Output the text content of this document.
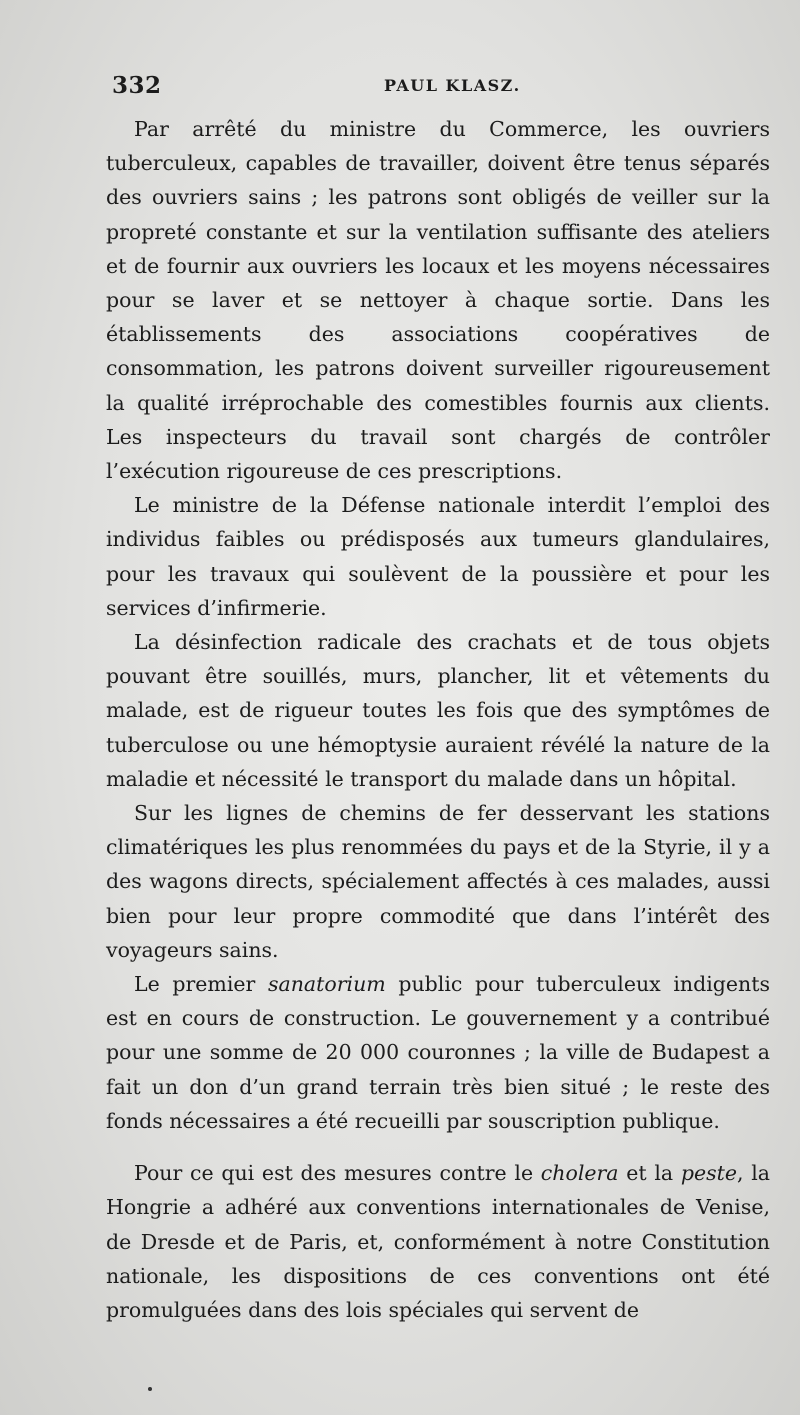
332	PAUL KLASZ.

Par arrêté du ministre du Commerce, les ouvriers tuberculeux, capables de travailler, doivent être tenus séparés des ouvriers sains ; les patrons sont obligés de veiller sur la propreté constante et sur la ventilation suffisante des ateliers et de fournir aux ouvriers les locaux et les moyens nécessaires pour se laver et se nettoyer à chaque sortie. Dans les établissements des associations coopératives de consommation, les patrons doivent surveiller rigoureusement la qualité irréprochable des comestibles fournis aux clients. Les inspecteurs du travail sont chargés de contrôler l’exécution rigoureuse de ces prescriptions.

Le ministre de la Défense nationale interdit l’emploi des individus faibles ou prédisposés aux tumeurs glandulaires, pour les travaux qui soulèvent de la poussière et pour les services d’infirmerie.

La désinfection radicale des crachats et de tous objets pouvant être souillés, murs, plancher, lit et vêtements du malade, est de rigueur toutes les fois que des symptômes de tuberculose ou une hémoptysie auraient révélé la nature de la maladie et nécessité le transport du malade dans un hôpital.

Sur les lignes de chemins de fer desservant les stations climatériques les plus renommées du pays et de la Styrie, il y a des wagons directs, spécialement affectés à ces malades, aussi bien pour leur propre commodité que dans l’intérêt des voyageurs sains.

Le premier sanatorium public pour tuberculeux indigents est en cours de construction. Le gouvernement y a contribué pour une somme de 20 000 couronnes ; la ville de Budapest a fait un don d’un grand terrain très bien situé ; le reste des fonds nécessaires a été recueilli par souscription publique.

Pour ce qui est des mesures contre le cholera et la peste, la Hongrie a adhéré aux conventions internationales de Venise, de Dresde et de Paris, et, conformément à notre Constitution nationale, les dispositions de ces conventions ont été promulguées dans des lois spéciales qui servent de
